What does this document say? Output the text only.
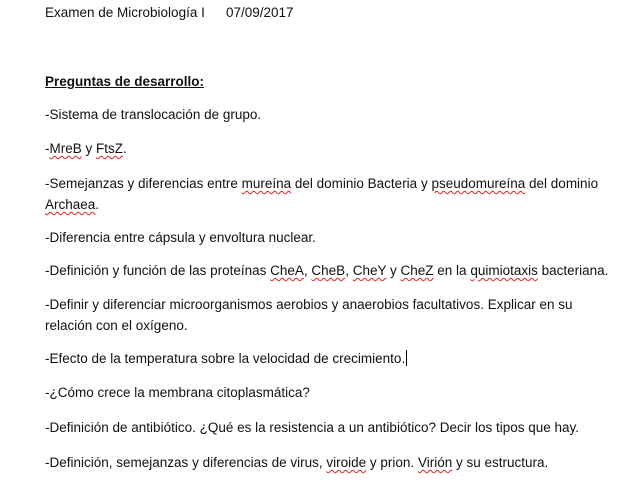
Examen de Microbiología I 07/09/2017
Preguntas de desarrollo:
-Sistema de translocación de grupo.
-MreB y FtsZ.
-Semejanzas y diferencias entre mureína del dominio Bacteria y pseudomureína del dominio
Archaea.
-Diferencia entre cápsula y envoltura nuclear.
-Definición y función de las proteínas CheA, CheB, CheY y CheZ en la quimiotaxis bacteriana.
-Definir y diferenciar microorganismos aerobios y anaerobios facultativos. Explicar en su
relación con el oxígeno.
-Efecto de la temperatura sobre la velocidad de crecimiento.
-¿Cómo crece la membrana citoplasmática?
-Definición de antibiótico. ¿Qué es la resistencia a un antibiótico? Decir los tipos que hay.
-Definición, semejanzas y diferencias de virus, viroide y prion. Virión y su estructura.
